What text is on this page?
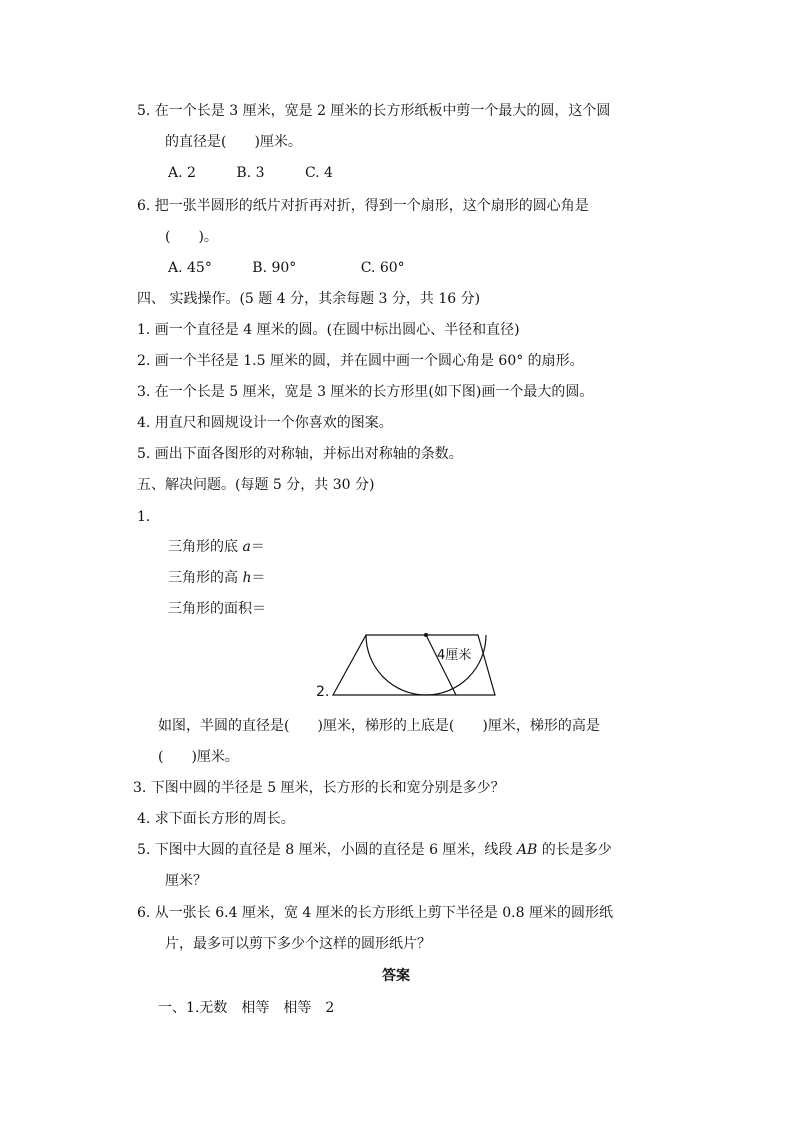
5. 在一个长是 3 厘米，宽是 2 厘米的长方形纸板中剪一个最大的圆，这个圆
的直径是(　　)厘米。
A. 2	B. 3	C. 4
6. 把一张半圆形的纸片对折再对折，得到一个扇形，这个扇形的圆心角是
(　　)。
A. 45°	B. 90°	C. 60°
四、 实践操作。(5 题 4 分，其余每题 3 分，共 16 分)
1. 画一个直径是 4 厘米的圆。(在圆中标出圆心、半径和直径)
2. 画一个半径是 1.5 厘米的圆，并在圆中画一个圆心角是 60° 的扇形。
3. 在一个长是 5 厘米，宽是 3 厘米的长方形里(如下图)画一个最大的圆。
4. 用直尺和圆规设计一个你喜欢的图案。
5. 画出下面各图形的对称轴，并标出对称轴的条数。
五、解决问题。(每题 5 分，共 30 分)
1.
三角形的底 a＝
三角形的高 h＝
三角形的面积＝
2.
4厘米
如图，半圆的直径是(　　)厘米，梯形的上底是(　　)厘米，梯形的高是
(　　)厘米。
3. 下图中圆的半径是 5 厘米，长方形的长和宽分别是多少？
4. 求下面长方形的周长。
5. 下图中大圆的直径是 8 厘米，小圆的直径是 6 厘米，线段 AB 的长是多少
厘米？
6. 从一张长 6.4 厘米，宽 4 厘米的长方形纸上剪下半径是 0.8 厘米的圆形纸
片，最多可以剪下多少个这样的圆形纸片？
答案
一、1.无数　相等　相等　2
